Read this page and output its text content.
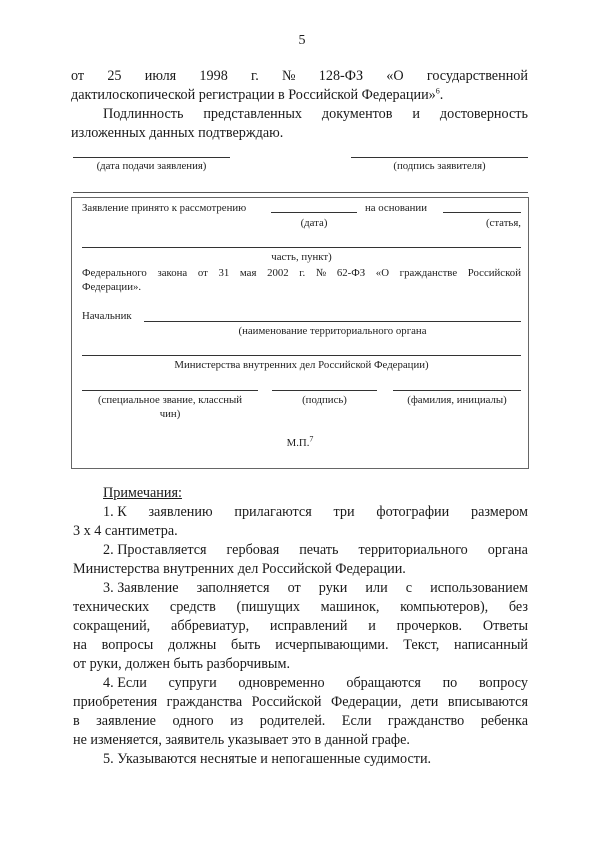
5
от 25 июля 1998 г. № 128-ФЗ «О государственной
дактилоскопической регистрации в Российской Федерации»$^6$.
Подлинность представленных документов и достоверность
изложенных данных подтверждаю.
(дата подачи заявления)	(подпись заявителя)
Заявление принято к рассмотрению
(дата)
на основании
(статья,
часть, пункт)
Федерального закона от 31 мая 2002 г. № 62-ФЗ «О гражданстве Российской
Федерации».
Начальник
(наименование территориального органа
Министерства внутренних дел Российской Федерации)
(специальное звание, классный
чин)
(подпись)	(фамилия, инициалы)
М.П.$^7$
Примечания:
1. К заявлению прилагаются три фотографии размером
3 х 4 сантиметра.
2. Проставляется гербовая печать территориального органа
Министерства внутренних дел Российской Федерации.
3. Заявление заполняется от руки или с использованием
технических средств (пишущих машинок, компьютеров), без
сокращений, аббревиатур, исправлений и прочерков. Ответы
на вопросы должны быть исчерпывающими. Текст, написанный
от руки, должен быть разборчивым.
4. Если супруги одновременно обращаются по вопросу
приобретения гражданства Российской Федерации, дети вписываются
в заявление одного из родителей. Если гражданство ребенка
не изменяется, заявитель указывает это в данной графе.
5. Указываются неснятые и непогашенные судимости.
